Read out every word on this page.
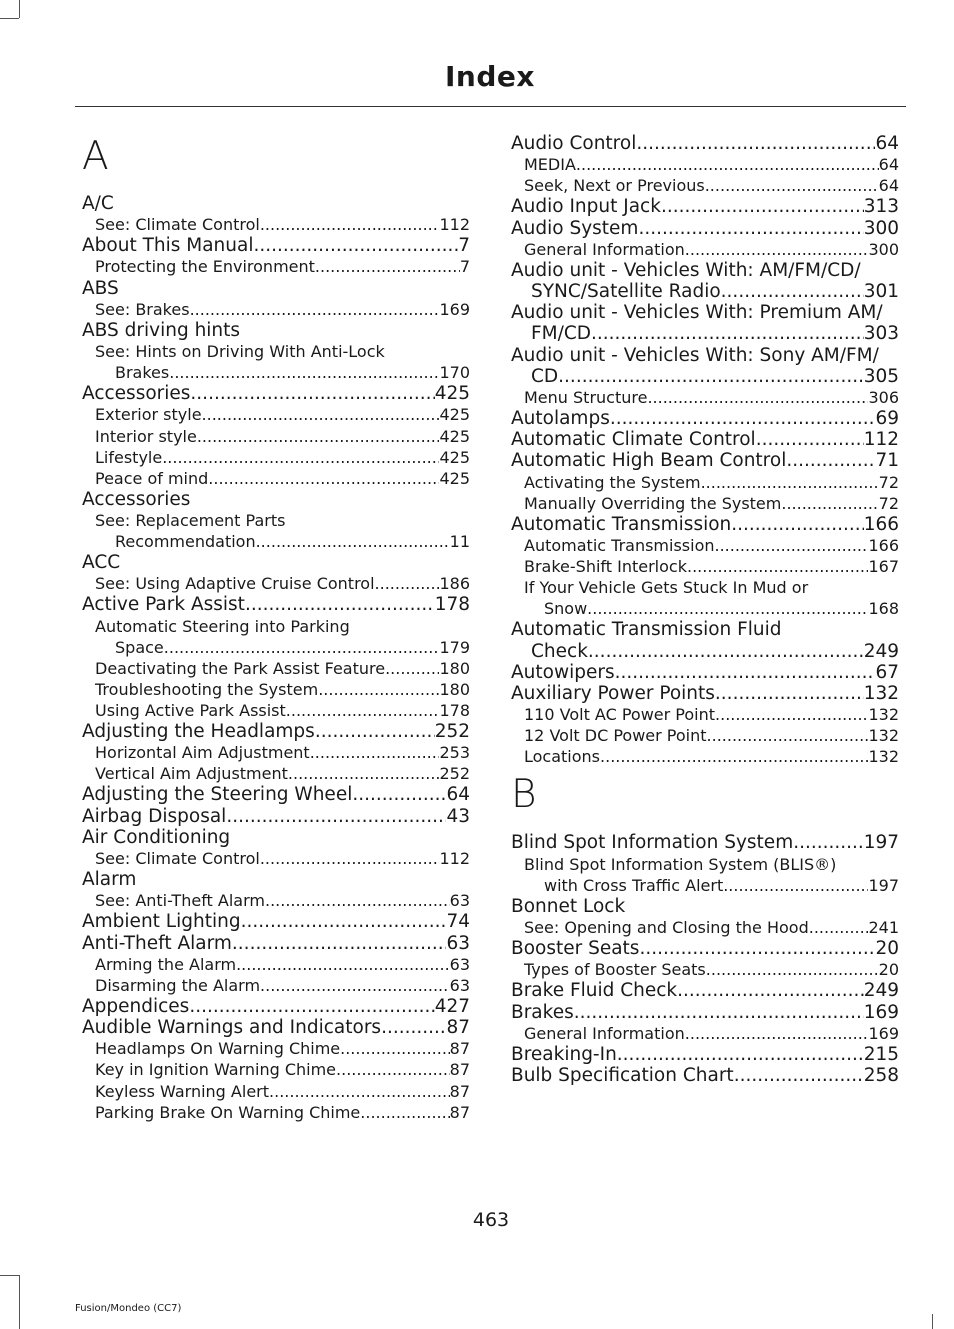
Index
A
A/C
See: Climate Control .....	112
About This Manual .....	7
Protecting the Environment .....	7
ABS
See: Brakes .....	169
ABS driving hints
See: Hints on Driving With Anti-Lock
Brakes .....	170
Accessories .....	425
Exterior style .....	425
Interior style .....	425
Lifestyle .....	425
Peace of mind .....	425
Accessories
See: Replacement Parts
Recommendation .....	11
ACC
See: Using Adaptive Cruise Control .....	186
Active Park Assist .....	178
Automatic Steering into Parking
Space .....	179
Deactivating the Park Assist Feature .....	180
Troubleshooting the System .....	180
Using Active Park Assist .....	178
Adjusting the Headlamps .....	252
Horizontal Aim Adjustment .....	253
Vertical Aim Adjustment .....	252
Adjusting the Steering Wheel .....	64
Airbag Disposal .....	43
Air Conditioning
See: Climate Control .....	112
Alarm
See: Anti-Theft Alarm .....	63
Ambient Lighting .....	74
Anti-Theft Alarm .....	63
Arming the Alarm .....	63
Disarming the Alarm .....	63
Appendices .....	427
Audible Warnings and Indicators .....	87
Headlamps On Warning Chime .....	87
Key in Ignition Warning Chime .....	87
Keyless Warning Alert .....	87
Parking Brake On Warning Chime .....	87
Audio Control .....	64
MEDIA .....	64
Seek, Next or Previous .....	64
Audio Input Jack .....	313
Audio System .....	300
General Information .....	300
Audio unit - Vehicles With: AM/FM/CD/
SYNC/Satellite Radio .....	301
Audio unit - Vehicles With: Premium AM/
FM/CD .....	303
Audio unit - Vehicles With: Sony AM/FM/
CD .....	305
Menu Structure .....	306
Autolamps .....	69
Automatic Climate Control .....	112
Automatic High Beam Control .....	71
Activating the System .....	72
Manually Overriding the System .....	72
Automatic Transmission .....	166
Automatic Transmission .....	166
Brake-Shift Interlock .....	167
If Your Vehicle Gets Stuck In Mud or
Snow .....	168
Automatic Transmission Fluid
Check .....	249
Autowipers .....	67
Auxiliary Power Points .....	132
110 Volt AC Power Point .....	132
12 Volt DC Power Point .....	132
Locations .....	132
B
Blind Spot Information System .....	197
Blind Spot Information System (BLIS®)
with Cross Traffic Alert .....	197
Bonnet Lock
See: Opening and Closing the Hood .....	241
Booster Seats .....	20
Types of Booster Seats .....	20
Brake Fluid Check .....	249
Brakes .....	169
General Information .....	169
Breaking-In .....	215
Bulb Specification Chart .....	258
463
Fusion/Mondeo (CC7)
